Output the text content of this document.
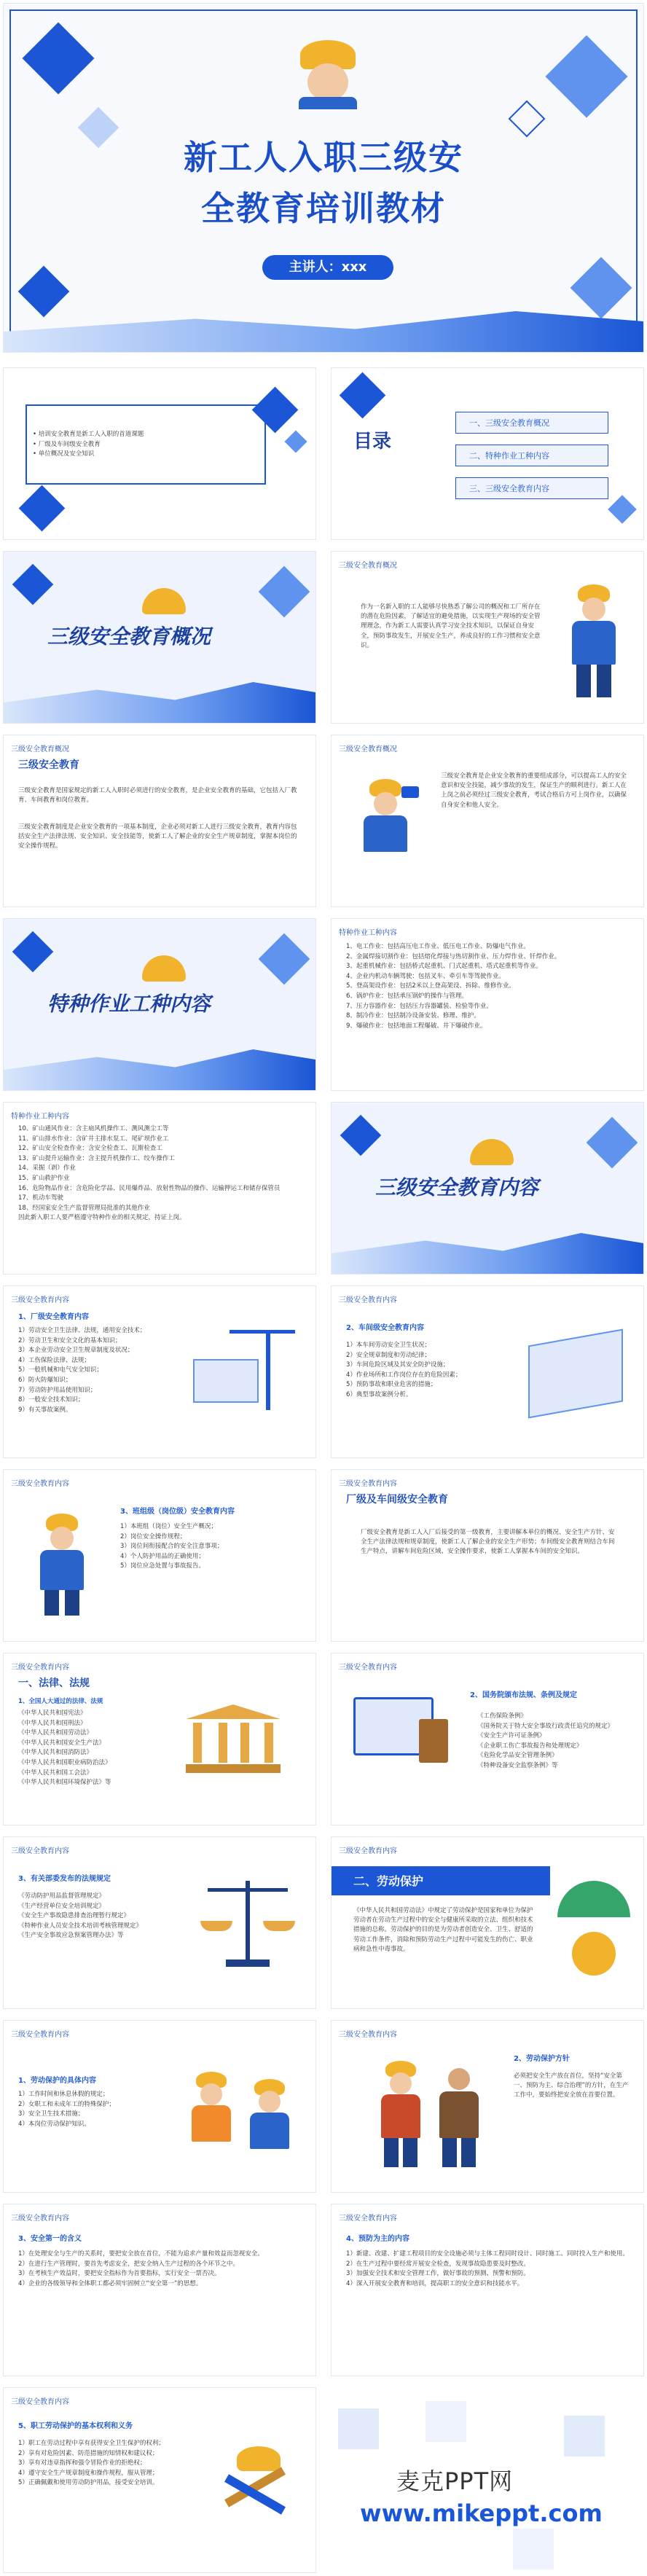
新工人入职三级安
全教育培训教材
主讲人：xxx
• 培训安全教育是新工人入职的首道课题
• 厂级及车间级安全教育
• 单位概况及安全知识
目录
一、三级安全教育概况
二、特种作业工种内容
三、三级安全教育内容
三级安全教育概况
三级安全教育概况
作为一名新入职的工人能够尽快熟悉了解公司的概况和工厂所存在的潜在危险因素，了解适宜的避免措施，以实现生产现场的安全管理理念，作为新工人需要认真学习安全技术知识，以保证自身安全，预防事故发生，开展安全生产，养成良好的工作习惯和安全意识。
三级安全教育概况
三级安全教育
三级安全教育是国家规定的新工人入职时必须进行的安全教育，是企业安全教育的基础，它包括入厂教育、车间教育和岗位教育。
三级安全教育制度是企业安全教育的一项基本制度，企业必须对新工人进行三级安全教育，教育内容包括安全生产法律法规、安全知识、安全技能等，使新工人了解企业的安全生产规章制度，掌握本岗位的安全操作规程。
三级安全教育概况
三级安全教育是企业安全教育的重要组成部分，可以提高工人的安全意识和安全技能，减少事故的发生，保证生产的顺利进行。新工人在上岗之前必须经过三级安全教育，考试合格后方可上岗作业，以确保自身安全和他人安全。
特种作业工种内容
特种作业工种内容
1、电工作业：包括高压电工作业、低压电工作业、防爆电气作业。
2、金属焊接切割作业：包括熔化焊接与热切割作业、压力焊作业、钎焊作业。
3、起重机械作业：包括桥式起重机、门式起重机、塔式起重机等作业。
4、企业内机动车辆驾驶：包括叉车、牵引车等驾驶作业。
5、登高架设作业：包括2米以上登高架设、拆除、维修作业。
6、锅炉作业：包括承压锅炉的操作与管理。
7、压力容器作业：包括压力容器罐装、检验等作业。
8、制冷作业：包括制冷设备安装、修理、维护。
9、爆破作业：包括地面工程爆破、井下爆破作业。
特种作业工种内容
10、矿山通风作业：含主扇风机操作工、测风测尘工等
11、矿山排水作业：含矿井主排水泵工、尾矿坝作业工
12、矿山安全检查作业：含安全检查工、瓦斯检查工
13、矿山提升运输作业：含主提升机操作工、绞车操作工
14、采掘（剥）作业
15、矿山救护作业
16、危险物品作业：含危险化学品、民用爆炸品、放射性物品的操作、运输押运工和储存保管员
17、机动车驾驶
18、经国家安全生产监督管理局批准的其他作业
因此新入职工人要严格遵守特种作业的相关规定，持证上岗。
三级安全教育内容
三级安全教育内容
1、厂级安全教育内容
1）劳动安全卫生法律、法规，通用安全技术；
2）劳动卫生和安全文化的基本知识；
3）本企业劳动安全卫生规章制度及状况；
4）工伤保险法律、法规；
5）一般机械和电气安全知识；
6）防火防爆知识；
7）劳动防护用品使用知识；
8）一般安全技术知识；
9）有关事故案例。
三级安全教育内容
2、车间级安全教育内容
1）本车间劳动安全卫生状况；
2）安全规章制度和劳动纪律；
3）车间危险区域及其安全防护设施；
4）作业场所和工作岗位存在的危险因素；
5）预防事故和职业危害的措施；
6）典型事故案例分析。
三级安全教育内容
3、班组级（岗位级）安全教育内容
1）本班组（岗位）安全生产概况；
2）岗位安全操作规程；
3）岗位间衔接配合的安全注意事项；
4）个人防护用品的正确使用；
5）岗位应急处置与事故报告。
三级安全教育内容
厂级及车间级安全教育
厂级安全教育是新工人入厂后接受的第一级教育，主要讲解本单位的概况、安全生产方针、安全生产法律法规和规章制度，使新工人了解企业的安全生产形势；车间级安全教育则结合车间生产特点，讲解车间危险区域、安全操作要求，使新工人掌握本车间的安全知识。
三级安全教育内容
一、法律、法规
1、全国人大通过的法律、法规
《中华人民共和国宪法》
《中华人民共和国刑法》
《中华人民共和国劳动法》
《中华人民共和国安全生产法》
《中华人民共和国消防法》
《中华人民共和国职业病防治法》
《中华人民共和国工会法》
《中华人民共和国环境保护法》等
三级安全教育内容
2、国务院颁布法规、条例及规定
《工伤保险条例》
《国务院关于特大安全事故行政责任追究的规定》
《安全生产许可证条例》
《企业职工伤亡事故报告和处理规定》
《危险化学品安全管理条例》
《特种设备安全监察条例》等
三级安全教育内容
3、有关部委发布的法规规定
《劳动防护用品监督管理规定》
《生产经营单位安全培训规定》
《安全生产事故隐患排查治理暂行规定》
《特种作业人员安全技术培训考核管理规定》
《生产安全事故应急预案管理办法》等
三级安全教育内容
二、劳动保护
《中华人民共和国劳动法》中规定了劳动保护是国家和单位为保护劳动者在劳动生产过程中的安全与健康所采取的立法、组织和技术措施的总称。劳动保护的目的是为劳动者创造安全、卫生、舒适的劳动工作条件，消除和预防劳动生产过程中可能发生的伤亡、职业病和急性中毒事故。
三级安全教育内容
1、劳动保护的具体内容
1）工作时间和休息休假的规定；
2）女职工和未成年工的特殊保护；
3）安全卫生技术措施；
4）本岗位劳动保护知识。
三级安全教育内容
2、劳动保护方针
必须把安全生产放在首位，坚持“安全第一、预防为主、综合治理”的方针，在生产工作中，要始终把安全放在首要位置。
三级安全教育内容
3、安全第一的含义
1）在处理安全与生产的关系时，要把安全放在首位，不能为追求产量和效益而忽视安全。
2）在进行生产管理时，要首先考虑安全，把安全纳入生产过程的各个环节之中。
3）在考核生产效益时，要把安全指标作为首要指标，实行安全一票否决。
4）企业的各级领导和全体职工都必须牢固树立“安全第一”的思想。
三级安全教育内容
4、预防为主的内容
1）新建、改建、扩建工程项目的安全设施必须与主体工程同时设计、同时施工、同时投入生产和使用。
2）在生产过程中要经常开展安全检查，发现事故隐患要及时整改。
3）加强安全技术和安全管理工作，做好事故的预测、预警和预防。
4）深入开展安全教育和培训，提高职工的安全意识和技能水平。
三级安全教育内容
5、职工劳动保护的基本权利和义务
1）职工在劳动过程中享有获得安全卫生保护的权利；
2）享有对危险因素、防范措施的知情权和建议权；
3）享有对违章指挥和强令冒险作业的拒绝权；
4）遵守安全生产规章制度和操作规程，服从管理；
5）正确佩戴和使用劳动防护用品，接受安全培训。	麦克PPT网
www.mikeppt.com
